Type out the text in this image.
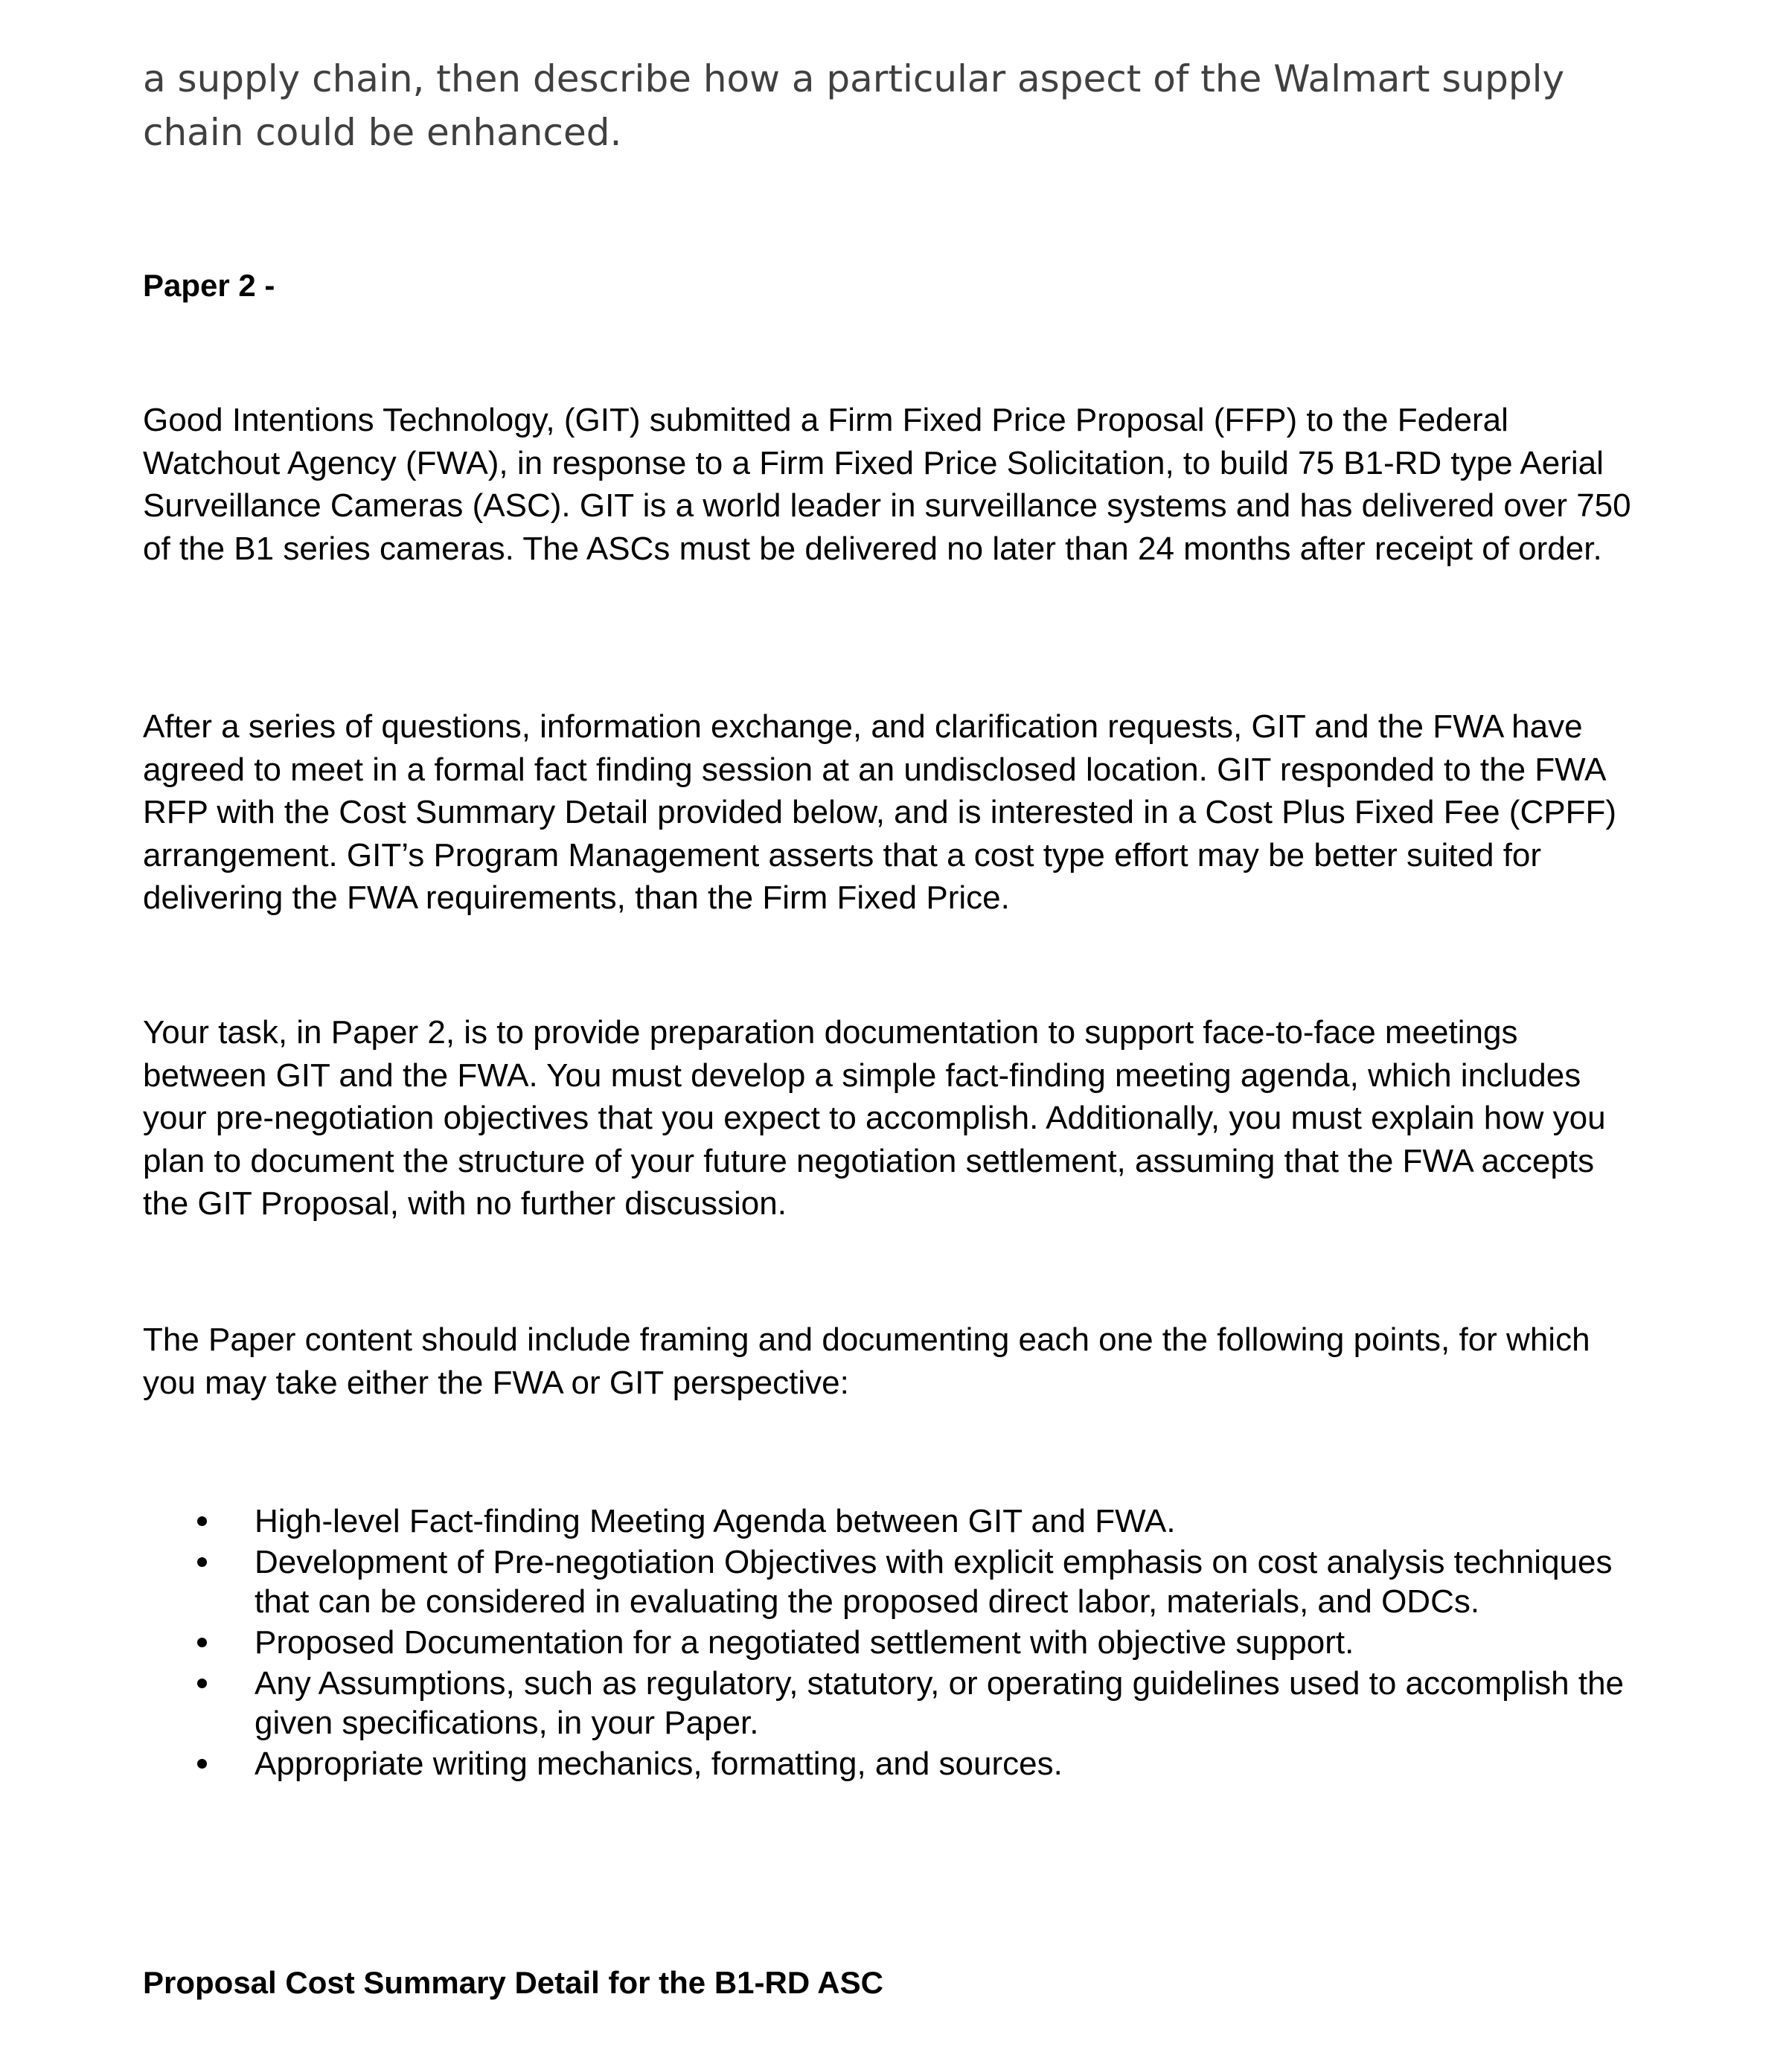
a supply chain, then describe how a particular aspect of the Walmart supply chain could be enhanced.

Paper 2 -

Good Intentions Technology, (GIT) submitted a Firm Fixed Price Proposal (FFP) to the Federal Watchout Agency (FWA), in response to a Firm Fixed Price Solicitation, to build 75 B1-RD type Aerial Surveillance Cameras (ASC). GIT is a world leader in surveillance systems and has delivered over 750 of the B1 series cameras. The ASCs must be delivered no later than 24 months after receipt of order.

After a series of questions, information exchange, and clarification requests, GIT and the FWA have agreed to meet in a formal fact finding session at an undisclosed location. GIT responded to the FWA RFP with the Cost Summary Detail provided below, and is interested in a Cost Plus Fixed Fee (CPFF) arrangement. GIT’s Program Management asserts that a cost type effort may be better suited for delivering the FWA requirements, than the Firm Fixed Price.

Your task, in Paper 2, is to provide preparation documentation to support face-to-face meetings between GIT and the FWA. You must develop a simple fact-finding meeting agenda, which includes your pre-negotiation objectives that you expect to accomplish. Additionally, you must explain how you plan to document the structure of your future negotiation settlement, assuming that the FWA accepts the GIT Proposal, with no further discussion.

The Paper content should include framing and documenting each one the following points, for which you may take either the FWA or GIT perspective:

High-level Fact-finding Meeting Agenda between GIT and FWA.
Development of Pre-negotiation Objectives with explicit emphasis on cost analysis techniques that can be considered in evaluating the proposed direct labor, materials, and ODCs.
Proposed Documentation for a negotiated settlement with objective support.
Any Assumptions, such as regulatory, statutory, or operating guidelines used to accomplish the given specifications, in your Paper.
Appropriate writing mechanics, formatting, and sources.

Proposal Cost Summary Detail for the B1-RD ASC
